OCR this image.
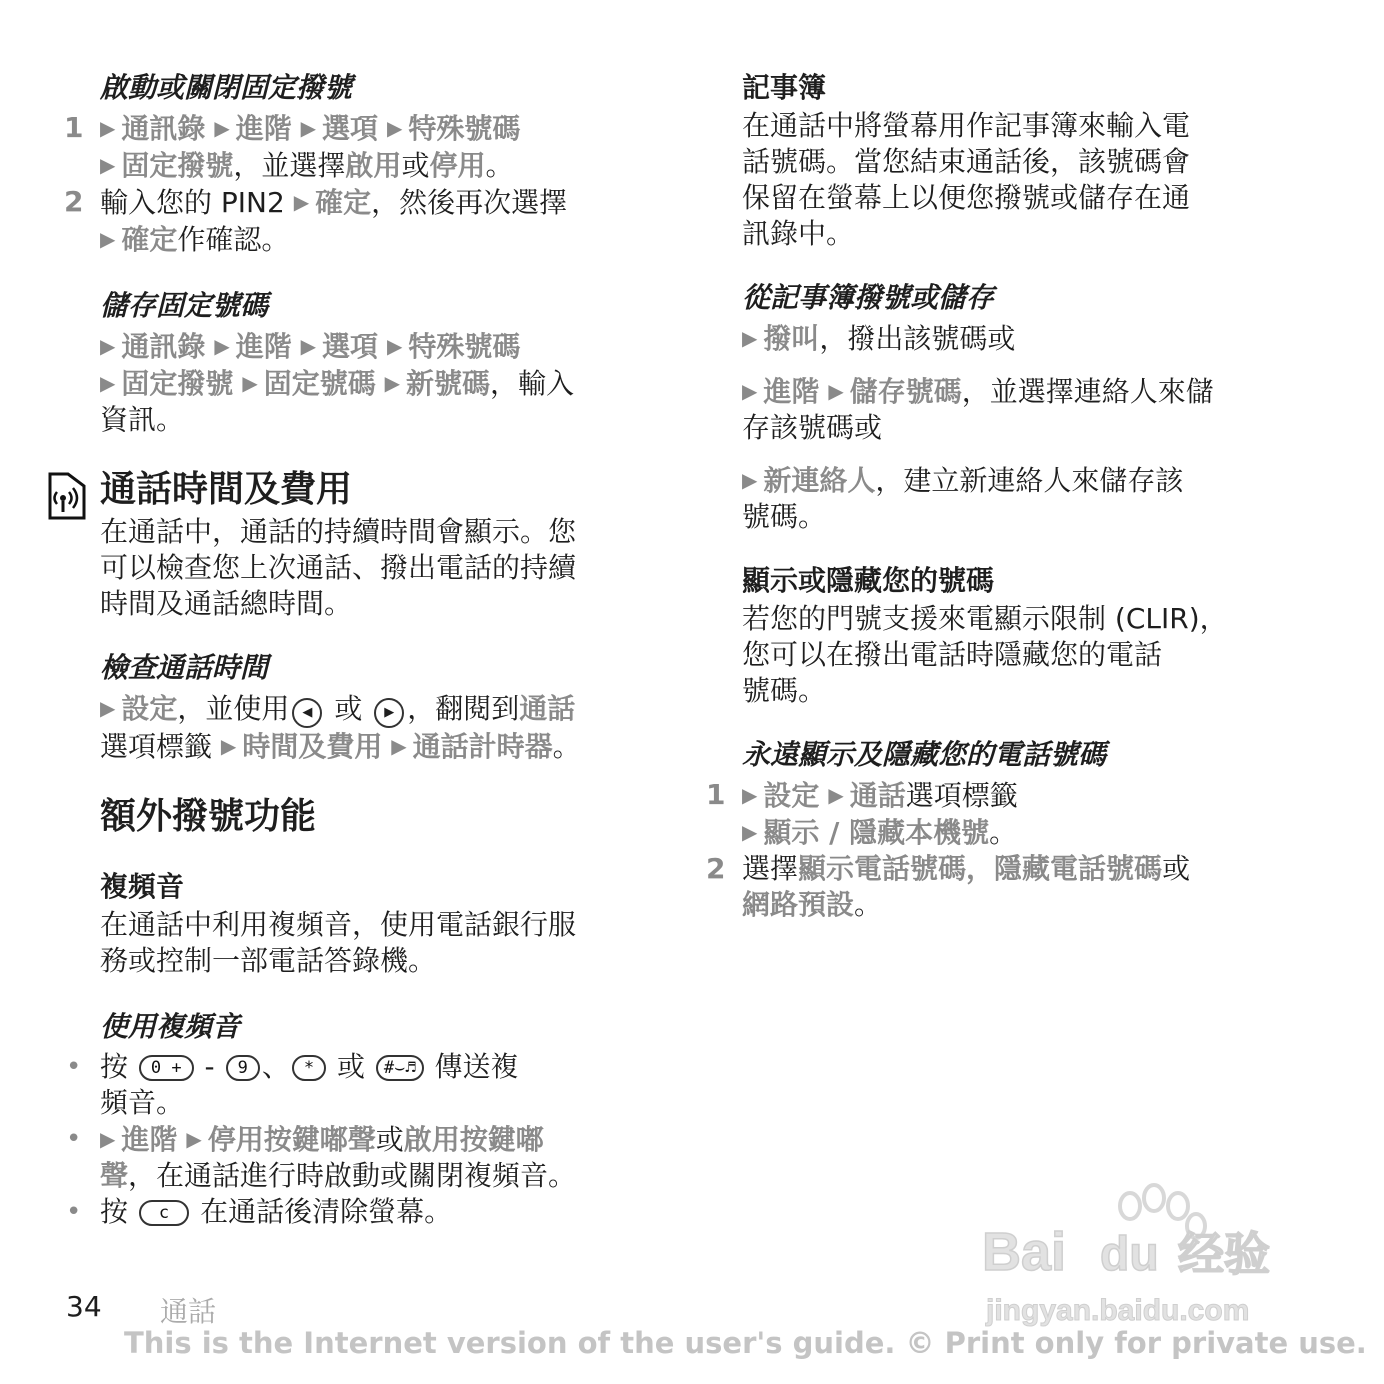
啟動或關閉固定撥號

1 ▶ 通訊錄 ▶ 進階 ▶ 選項 ▶ 特殊號碼
▶ 固定撥號，並選擇啟用或停用。
2 輸入您的 PIN2 ▶ 確定，然後再次選擇
▶ 確定作確認。

儲存固定號碼

▶ 通訊錄 ▶ 進階 ▶ 選項 ▶ 特殊號碼
▶ 固定撥號 ▶ 固定號碼 ▶ 新號碼，輸入
資訊。

通話時間及費用

在通話中，通話的持續時間會顯示。您
可以檢查您上次通話、撥出電話的持續
時間及通話總時間。

檢查通話時間

▶ 設定，並使用 ◀ 或 ▶ ，翻閱到通話
選項標籤 ▶ 時間及費用 ▶ 通話計時器。

額外撥號功能

複頻音

在通話中利用複頻音，使用電話銀行服
務或控制一部電話答錄機。

使用複頻音

• 按 0 + - 9 、 * 或 #⌣♬ 傳送複
頻音。
• ▶ 進階 ▶ 停用按鍵嘟聲或啟用按鍵嘟
聲，在通話進行時啟動或關閉複頻音。
• 按 c 在通話後清除螢幕。

記事簿

在通話中將螢幕用作記事簿來輸入電
話號碼。當您結束通話後，該號碼會
保留在螢幕上以便您撥號或儲存在通
訊錄中。

從記事簿撥號或儲存

▶ 撥叫，撥出該號碼或
▶ 進階 ▶ 儲存號碼，並選擇連絡人來儲
存該號碼或
▶ 新連絡人，建立新連絡人來儲存該
號碼。

顯示或隱藏您的號碼

若您的門號支援來電顯示限制 (CLIR)，
您可以在撥出電話時隱藏您的電話
號碼。

永遠顯示及隱藏您的電話號碼

1 ▶ 設定 ▶ 通話選項標籤
▶ 顯示 / 隱藏本機號。
2 選擇顯示電話號碼，隱藏電話號碼或
網路預設。
Bai du 经验
jingyan.baidu.com
34 通話
This is the Internet version of the user's guide. © Print only for private use.
